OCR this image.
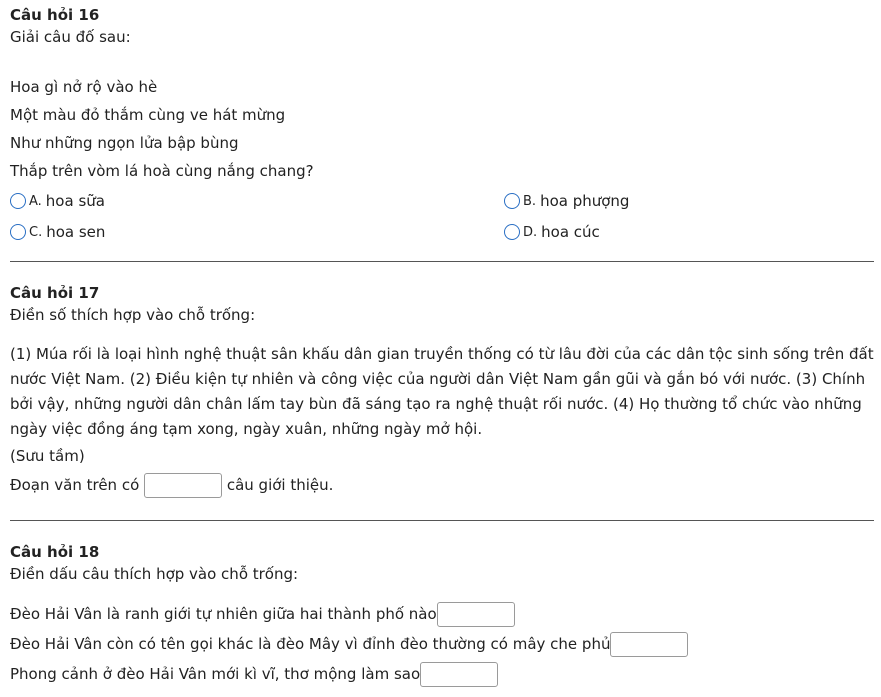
Câu hỏi 16
Giải câu đố sau:
Hoa gì nở rộ vào hè
Một màu đỏ thắm cùng ve hát mừng
Như những ngọn lửa bập bùng
Thắp trên vòm lá hoà cùng nắng chang?
A. hoa sữa	B. hoa phượng
C. hoa sen	D. hoa cúc
Câu hỏi 17
Điền số thích hợp vào chỗ trống:
(1) Múa rối là loại hình nghệ thuật sân khấu dân gian truyền thống có từ lâu đời của các dân tộc sinh sống trên đất nước Việt Nam. (2) Điều kiện tự nhiên và công việc của người dân Việt Nam gần gũi và gắn bó với nước. (3) Chính bởi vậy, những người dân chân lấm tay bùn đã sáng tạo ra nghệ thuật rối nước. (4) Họ thường tổ chức vào những ngày việc đồng áng tạm xong, ngày xuân, những ngày mở hội.
(Sưu tầm)
Đoạn văn trên có	câu giới thiệu.
Câu hỏi 18
Điền dấu câu thích hợp vào chỗ trống:
Đèo Hải Vân là ranh giới tự nhiên giữa hai thành phố nào
Đèo Hải Vân còn có tên gọi khác là đèo Mây vì đỉnh đèo thường có mây che phủ
Phong cảnh ở đèo Hải Vân mới kì vĩ, thơ mộng làm sao
